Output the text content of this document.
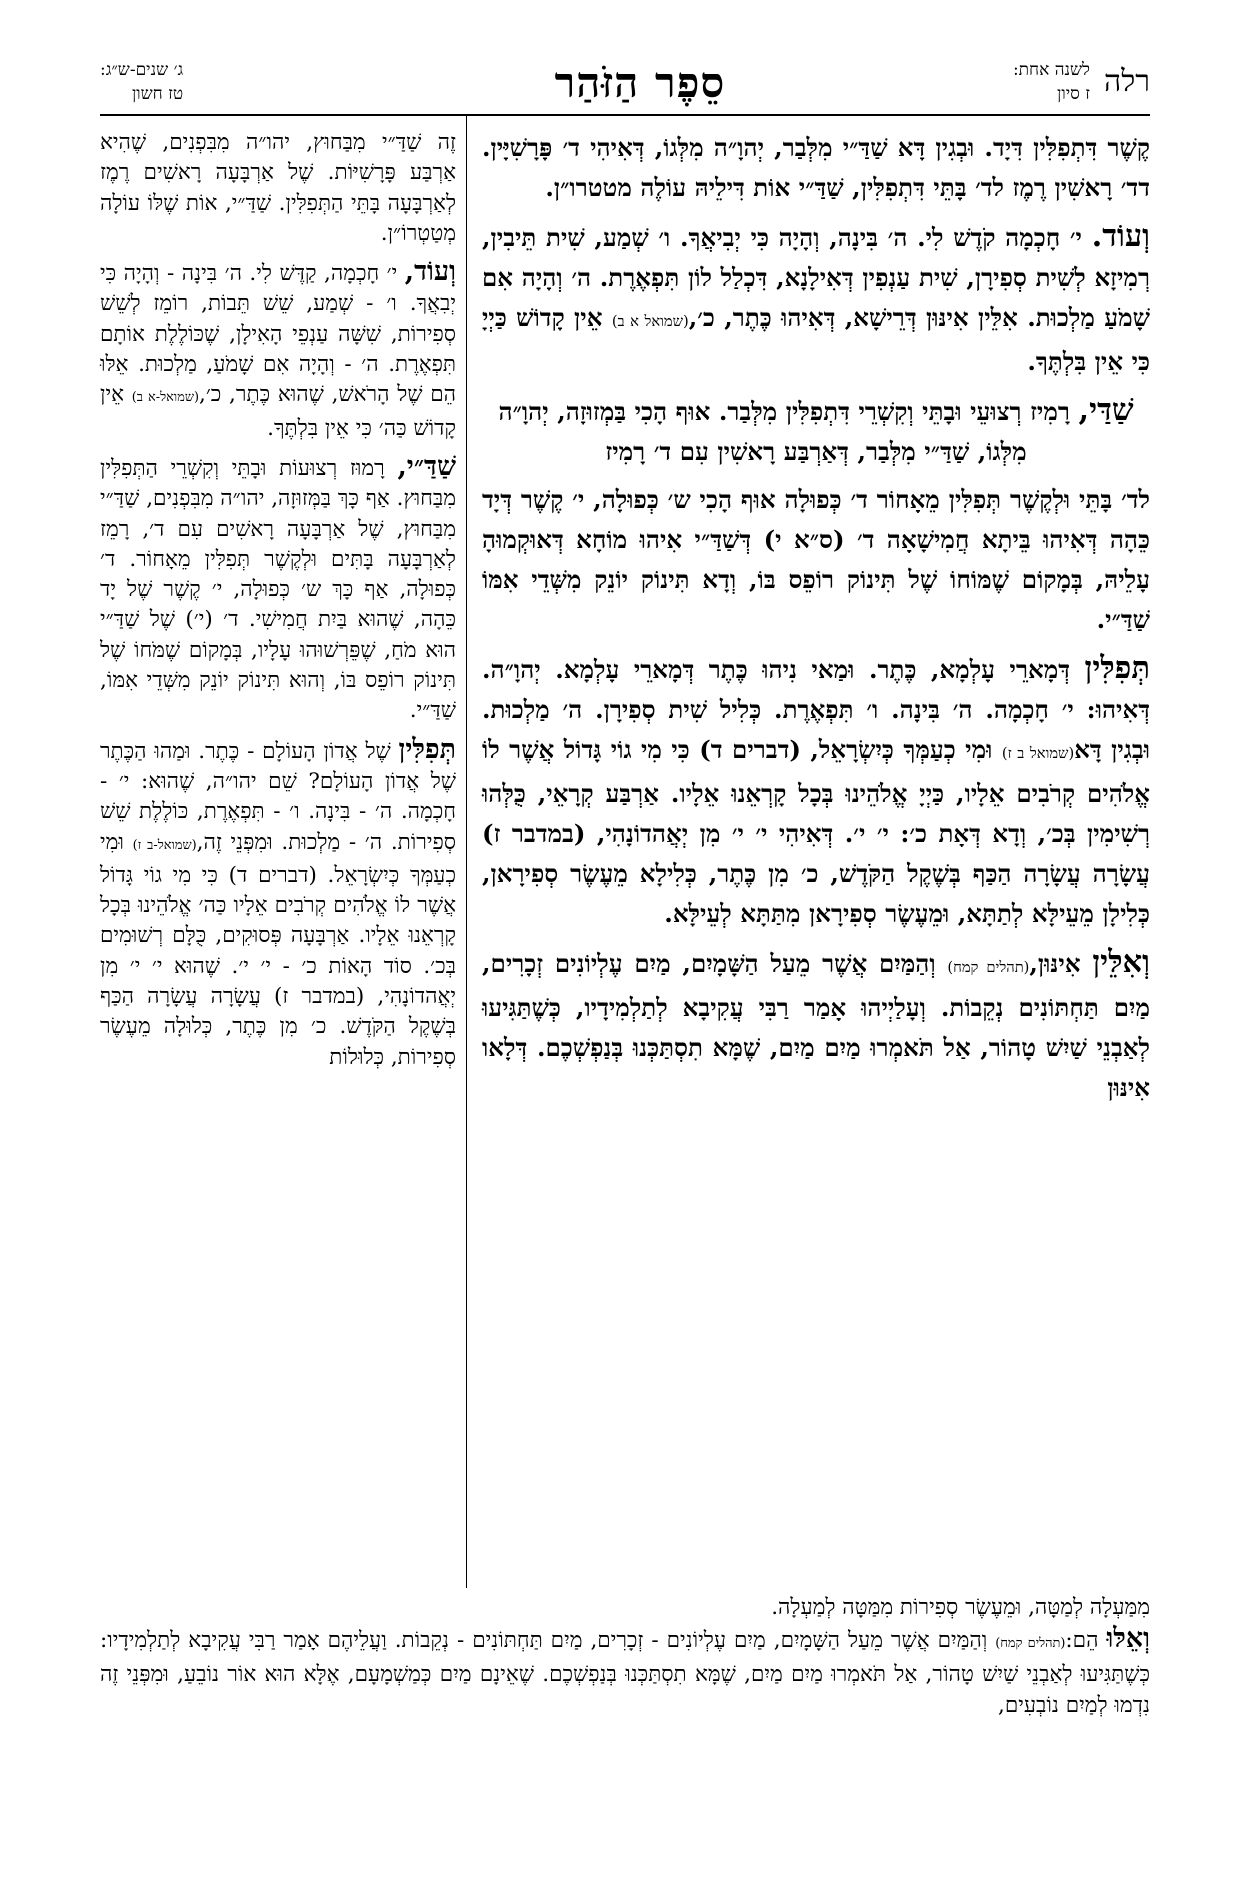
רלה
לשנה אחת:
ז סיון
סֵפֶר הַזֹּהַר
ג׳ שנים-ש״ג:
טז חשון

קֶשֶׁר דִּתְפִלִּין דִּיָד. וּבְגִין דָּא שַׁדַּ״י מִלְּבַר, יְהוָ״ה מִלְּגוֹ, דְּאִיהִי ד׳ פָּרָשִׁיָּין. דד׳ רָאשִׁין רֶמֶז לד׳ בָּתֵּי דִּתְפִלִּין, שַׁדַּ״י אוֹת דִּילֵיהּ עוֹלֶה מטטרו״ן.

וְעוֹד. י׳ חָכְמָה קֹדֶשׁ לִי. ה׳ בִּינָה, וְהָיָה כִּי יְבִיאֲךָ. ו׳ שְׁמַע, שִׁית תֵּיבִין, רְמִיזָא לְשִׁית סְפִירָן, שִׁית עַנְפִין דְּאִילָנָא, דִּכְלַל לוֹן תִּפְאֶרֶת. ה׳ וְהָיָה אִם שָׁמֹעַ מַלְכוּת. אִלֵּין אִינּוּן דְּרֵישָׁא, דְּאִיהוּ כֶּתֶר, כ׳,(שמואל א ב) אֵין קָדוֹשׁ כַּיְיָ כִּי אֵין בִּלְתֶּךָ.

שַׁדַּי, רָמִיז רְצוּעֵי וּבָתֵּי וְקִשְׁרֵי דִּתְפִלִּין מִלְּבַר. אוּף הָכִי בַּמְזוּזָה, יְהוָ״ה מִלְּגוֹ, שַׁדַּ״י מִלְּבַר, דְּאַרְבַּע רָאשִׁין עִם ד׳ רָמִיז

לד׳ בָּתֵּי וּלְקֶשֶׁר תְּפִלִּין מֵאָחוֹר ד׳ כְּפוּלָה אוּף הָכִי ש׳ כְּפוּלָה, י׳ קֶשֶׁר דְּיָד כֵּהָה דְּאִיהוּ בֵּיתָא חֲמִישָׁאָה ד׳ (ס״א י) דְּשַׁדַּ״י אִיהוּ מוֹחָא דְּאוּקְמוּהָ עָלֵיהּ, בְּמָקוֹם שֶׁמּוֹחוֹ שֶׁל תִּינוֹק רוֹפֵס בּוֹ, וְדָא תִּינוֹק יוֹנֵק מִשְּׁדֵי אִמּוֹ שַׁדַּ״י.

תְּפִלִּין דְּמָארֵי עָלְמָא, כֶּתֶר. וּמַאי נִיהוּ כֶּתֶר דְּמָארֵי עָלְמָא. יְהוָ״ה. דְּאִיהוּ: י׳ חָכְמָה. ה׳ בִּינָה. ו׳ תִּפְאֶרֶת. כְּלִיל שִׁית סְפִירָן. ה׳ מַלְכוּת. וּבְגִין דָּא(שמואל ב ז) וּמִי כְעַמְּךָ כְּיִשְׂרָאֵל, (דברים ד) כִּי מִי גוֹי גָּדוֹל אֲשֶׁר לוֹ אֱלֹהִים קְרֹבִים אֵלָיו, כַּיְיָ אֱלֹהֵינוּ בְּכָל קָרְאֵנוּ אֵלָיו. אַרְבַּע קְרָאֵי, כֻּלְּהוּ רְשִׁימִין בְּכ׳, וְדָא דְּאָת כ׳: י׳ י׳. דְּאִיהִי י׳ י׳ מִן יְאֲהדוֹנָהִי, (במדבר ז) עֲשָׂרָה עֲשָׂרָה הַכַּף בְּשֶׁקֶל הַקֹּדֶשׁ, כ׳ מִן כֶּתֶר, כְּלִילָא מֵעֶשֶׂר סְפִירָאן, כְּלִילָן מֵעֵילָּא לְתַתָּא, וּמֵעֶשֶׂר סְפִירָאן מִתַּתָּא לְעֵילָּא.

וְאִלֵּין אִינּוּן,(תהלים קמח) וְהַמַּיִם אֲשֶׁר מֵעַל הַשָּׁמָיִם, מַיִם עֶלְיוֹנִים זְכָרִים, מַיִם תַּחְתּוֹנִים נְקֵבוֹת. וְעָלַיְיהוּ אָמַר רַבִּי עֲקִיבָא לְתַלְמִידָיו, כְּשֶׁתַּגִּיעוּ לְאַבְנֵי שַׁיִשׁ טָהוֹר, אַל תֹּאמְרוּ מַיִם מַיִם, שֶׁמָּא תִסְתַּכְּנוּ בְּנַפְשְׁכֶם. דְּלָאו אִינּוּן

זֶה שַׁדַּ״י מִבַּחוּץ, יהו״ה מִבִּפְנִים, שֶׁהִיא אַרְבַּע פָּרָשִׁיּוֹת. שֶׁל אַרְבָּעָה רָאשִׁים רֶמֶז לְאַרְבָּעָה בָּתֵּי הַתְּפִלִּין. שַׁדַּ״י, אוֹת שֶׁלּוֹ עוֹלָה מְטַטְרוֹ״ן.

וְעוֹד, י׳ חָכְמָה, קַדֶּשׁ לִי. ה׳ בִּינָה - וְהָיָה כִּי יְבִאֲךָ. ו׳ - שְׁמַע, שֵׁשׁ תֵּבוֹת, רוֹמֵז לְשֵׁשׁ סְפִירוֹת, שִׁשָּׁה עַנְפֵי הָאִילָן, שֶׁכּוֹלֶלֶת אוֹתָם תִּפְאֶרֶת. ה׳ - וְהָיָה אִם שָׁמֹעַ, מַלְכוּת. אֵלּוּ הֵם שֶׁל הָרֹאשׁ, שֶׁהוּא כֶּתֶר, כ׳,(שמואל-א ב) אֵין קָדוֹשׁ כַּה׳ כִּי אֵין בִּלְתֶּךָ.

שַׁדַּ״י, רָמוּז רְצוּעוֹת וּבָתֵּי וְקִשְׁרֵי הַתְּפִלִּין מִבַּחוּץ. אַף כָּךְ בַּמְּזוּזָה, יהו״ה מִבִּפְנִים, שַׁדַּ״י מִבַּחוּץ, שֶׁל אַרְבָּעָה רָאשִׁים עִם ד׳, רָמֵז לְאַרְבָּעָה בָּתִּים וּלְקֶשֶׁר תְּפִלִּין מֵאָחוֹר. ד׳ כְּפוּלָה, אַף כָּךְ ש׳ כְּפוּלָה, י׳ קֶשֶׁר שֶׁל יָד כֵּהָה, שֶׁהוּא בַּיִת חֲמִישִׁי. ד׳ (י׳) שֶׁל שַׁדַּ״י הוּא מֹחַ, שֶׁפֵּרְשׁוּהוּ עָלָיו, בְּמָקוֹם שֶׁמֹּחוֹ שֶׁל תִּינוֹק רוֹפֵס בּוֹ, וְהוּא תִּינוֹק יוֹנֵק מִשְּׁדֵי אִמּוֹ, שַׁדַּ״י.

תְּפִלִּין שֶׁל אֲדוֹן הָעוֹלָם - כֶּתֶר. וּמַהוּ הַכֶּתֶר שֶׁל אֲדוֹן הָעוֹלָם? שֵׁם יהו״ה, שֶׁהוּא: י׳ - חָכְמָה. ה׳ - בִּינָה. ו׳ - תִּפְאֶרֶת, כּוֹלֶלֶת שֵׁשׁ סְפִירוֹת. ה׳ - מַלְכוּת. וּמִפְּנֵי זֶה,(שמואל-ב ז) וּמִי כְעַמְּךָ כְּיִשְׂרָאֵל. (דברים ד) כִּי מִי גוֹי גָּדוֹל אֲשֶׁר לוֹ אֱלֹהִים קְרֹבִים אֵלָיו כַּה׳ אֱלֹהֵינוּ בְּכָל קָרְאֵנוּ אֵלָיו. אַרְבָּעָה פְּסוּקִים, כֻּלָּם רְשׁוּמִים בְּכ׳. סוֹד הָאוֹת כ׳ - י׳ י׳. שֶׁהוּא י׳ י׳ מִן יְאֲהדוֹנָהִי, (במדבר ז) עֲשָׂרָה עֲשָׂרָה הַכַּף בְּשֶׁקֶל הַקֹּדֶשׁ. כ׳ מִן כֶּתֶר, כְּלוּלָה מֵעֶשֶׂר סְפִירוֹת, כְּלוּלוֹת

מִמַּעְלָה לְמַטָּה, וּמֵעֶשֶׂר סְפִירוֹת מִמַּטָּה לְמַעְלָה.

וְאֵלּוּ הֵם:(תהלים קמח) וְהַמַּיִם אֲשֶׁר מֵעַל הַשָּׁמָיִם, מַיִם עֶלְיוֹנִים - זְכָרִים, מַיִם תַּחְתּוֹנִים - נְקֵבוֹת. וַעֲלֵיהֶם אָמַר רַבִּי עֲקִיבָא לְתַלְמִידָיו: כְּשֶׁתַּגִּיעוּ לְאַבְנֵי שַׁיִשׁ טָהוֹר, אַל תֹּאמְרוּ מַיִם מַיִם, שֶׁמָּא תִסְתַּכְּנוּ בְּנַפְשְׁכֶם. שֶׁאֵינָם מַיִם כְּמַשְׁמָעָם, אֶלָּא הוּא אוֹר נוֹבֵעַ, וּמִפְּנֵי זֶה נִדְמוּ לְמַיִם נוֹבְעִים,
